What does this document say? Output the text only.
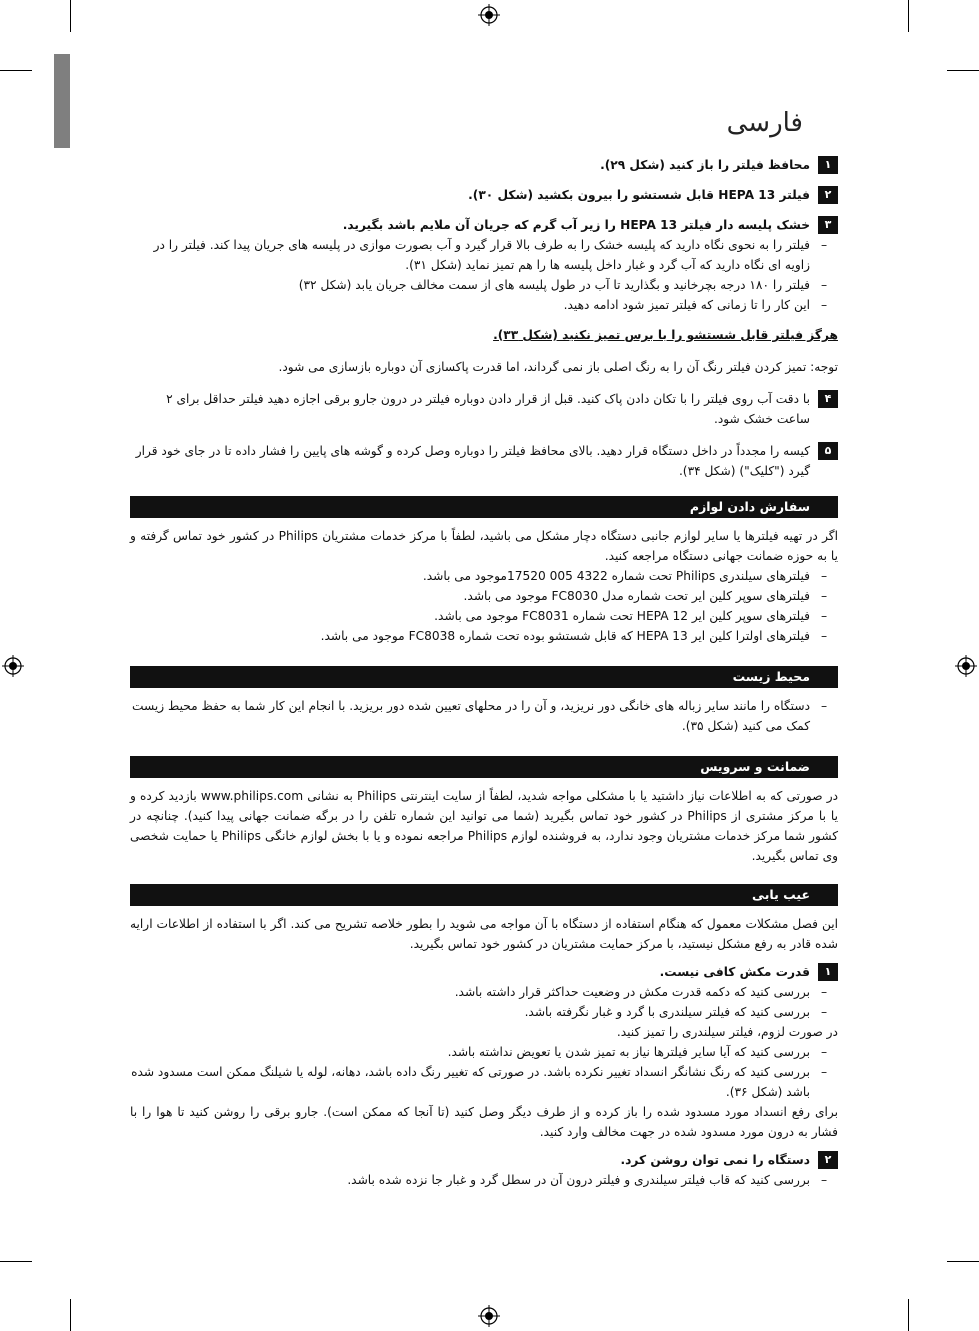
فارسی
۱
محافظ فیلتر را باز کنید (شکل ۲۹).
۲
فیلتر HEPA 13 قابل شستشو را بیرون بکشید (شکل ۳۰).
۳
خشک پلیسه دار فیلتر HEPA 13 را زیر آب گرم که جریان آن ملایم باشد بگیرید.
–
فیلتر را به نحوی نگاه دارید که پلیسه خشک را به طرف بالا قرار گیرد و آب بصورت موازی در پلیسه های جریان پیدا کند. فیلتر را در زاویه ای نگاه دارید که آب گرد و غبار داخل پلیسه ها را هم تمیز نماید (شکل ۳۱).
–
فیلتر را ۱۸۰ درجه بچرخانید و بگذارید تا آب در طول پلیسه های از سمت مخالف جریان یابد (شکل ۳۲)
–
این کار را تا زمانی که فیلتر تمیز شود ادامه دهید.
هرگز فیلتر قابل شستشو را با برس تمیز نکنید (شکل ۳۳).
توجه: تمیز کردن فیلتر رنگ آن را به رنگ اصلی باز نمی گرداند، اما قدرت پاکسازی آن دوباره بازسازی می شود.
۴
با دقت آب روی فیلتر را با تکان دادن پاک کنید. قبل از قرار دادن دوباره فیلتر در درون جارو برقی اجازه دهید فیلتر حداقل برای ۲ ساعت خشک شود.
۵
کیسه را مجدداً در داخل دستگاه قرار دهید. بالای محافظ فیلتر را دوباره وصل کرده و گوشه های پایین را فشار داده تا در جای خود قرار گیرد ("کلیک") (شکل ۳۴).
سفارش دادن لوازم
اگر در تهیه فیلترها یا سایر لوازم جانبی دستگاه دچار مشکل می باشید، لطفاً با مرکز خدمات مشتریان Philips در کشور خود تماس گرفته و یا به حوزه ضمانت جهانی دستگاه مراجعه کنید.
–
فیلترهای سیلندری Philips تحت شماره 4322 005 17520موجود می باشد.
–
فیلترهای سوپر کلین ایر تحت شماره مدل FC8030 موجود می باشد.
–
فیلترهای سوپر کلین ایر HEPA 12 تحت شماره FC8031 موجود می باشد.
–
فیلترهای اولترا کلین ایر HEPA 13 که قابل شستشو بوده تحت شماره FC8038 موجود می باشد.
محیط زیست
–
دستگاه را مانند سایر زباله های خانگی دور نریزید، و آن را در محلهای تعیین شده دور بریزید. با انجام این کار شما به حفظ محیط زیست کمک می کنید (شکل ۳۵).
ضمانت و سرویس
در صورتی که به اطلاعات نیاز داشتید یا با مشکلی مواجه شدید، لطفاً از سایت اینترنتی Philips به نشانی www.philips.com بازدید کرده و یا با مرکز مشتری از Philips در کشور خود تماس بگیرید (شما می توانید این شماره تلفن را در برگه ضمانت جهانی پیدا کنید). چنانچه در کشور شما مرکز خدمات مشتریان وجود ندارد، به فروشنده لوازم Philips مراجعه نموده و یا با بخش لوازم خانگی Philips یا حمایت شخصی وی تماس بگیرید.
عیب یابی
این فصل مشکلات معمول که هنگام استفاده از دستگاه با آن مواجه می شوید را بطور خلاصه تشریح می کند. اگر با استفاده از اطلاعات ارایه شده قادر به رفع مشکل نیستید، با مرکز حمایت مشتریان در کشور خود تماس بگیرید.
۱
قدرت مکش کافی نیست.
–
بررسی کنید که دکمه قدرت مکش در وضعیت حداکثر قرار داشته باشد.
–
بررسی کنید که فیلتر سیلندری با گرد و غبار نگرفته باشد.
در صورت لزوم، فیلتر سیلندری را تمیز کنید.
–
بررسی کنید که آیا سایر فیلترها نیاز به تمیز شدن یا تعویض نداشته باشد.
–
بررسی کنید که رنگ نشانگر انسداد تغییر نکرده باشد. در صورتی که تغییر رنگ داده باشد، دهانه، لوله یا شیلنگ ممکن است مسدود شده باشد (شکل ۳۶).
برای رفع انسداد مورد مسدود شده را باز کرده و از طرف دیگر وصل کنید (تا آنجا که ممکن است). جارو برقی را روشن کنید تا هوا را با فشار به درون مورد مسدود شده در جهت مخالف وارد کنید.
۲
دستگاه را نمی توان روشن کرد.
–
بررسی کنید که قاب فیلتر سیلندری و فیلتر درون آن در سطل گرد و غبار جا نزده شده باشد.
